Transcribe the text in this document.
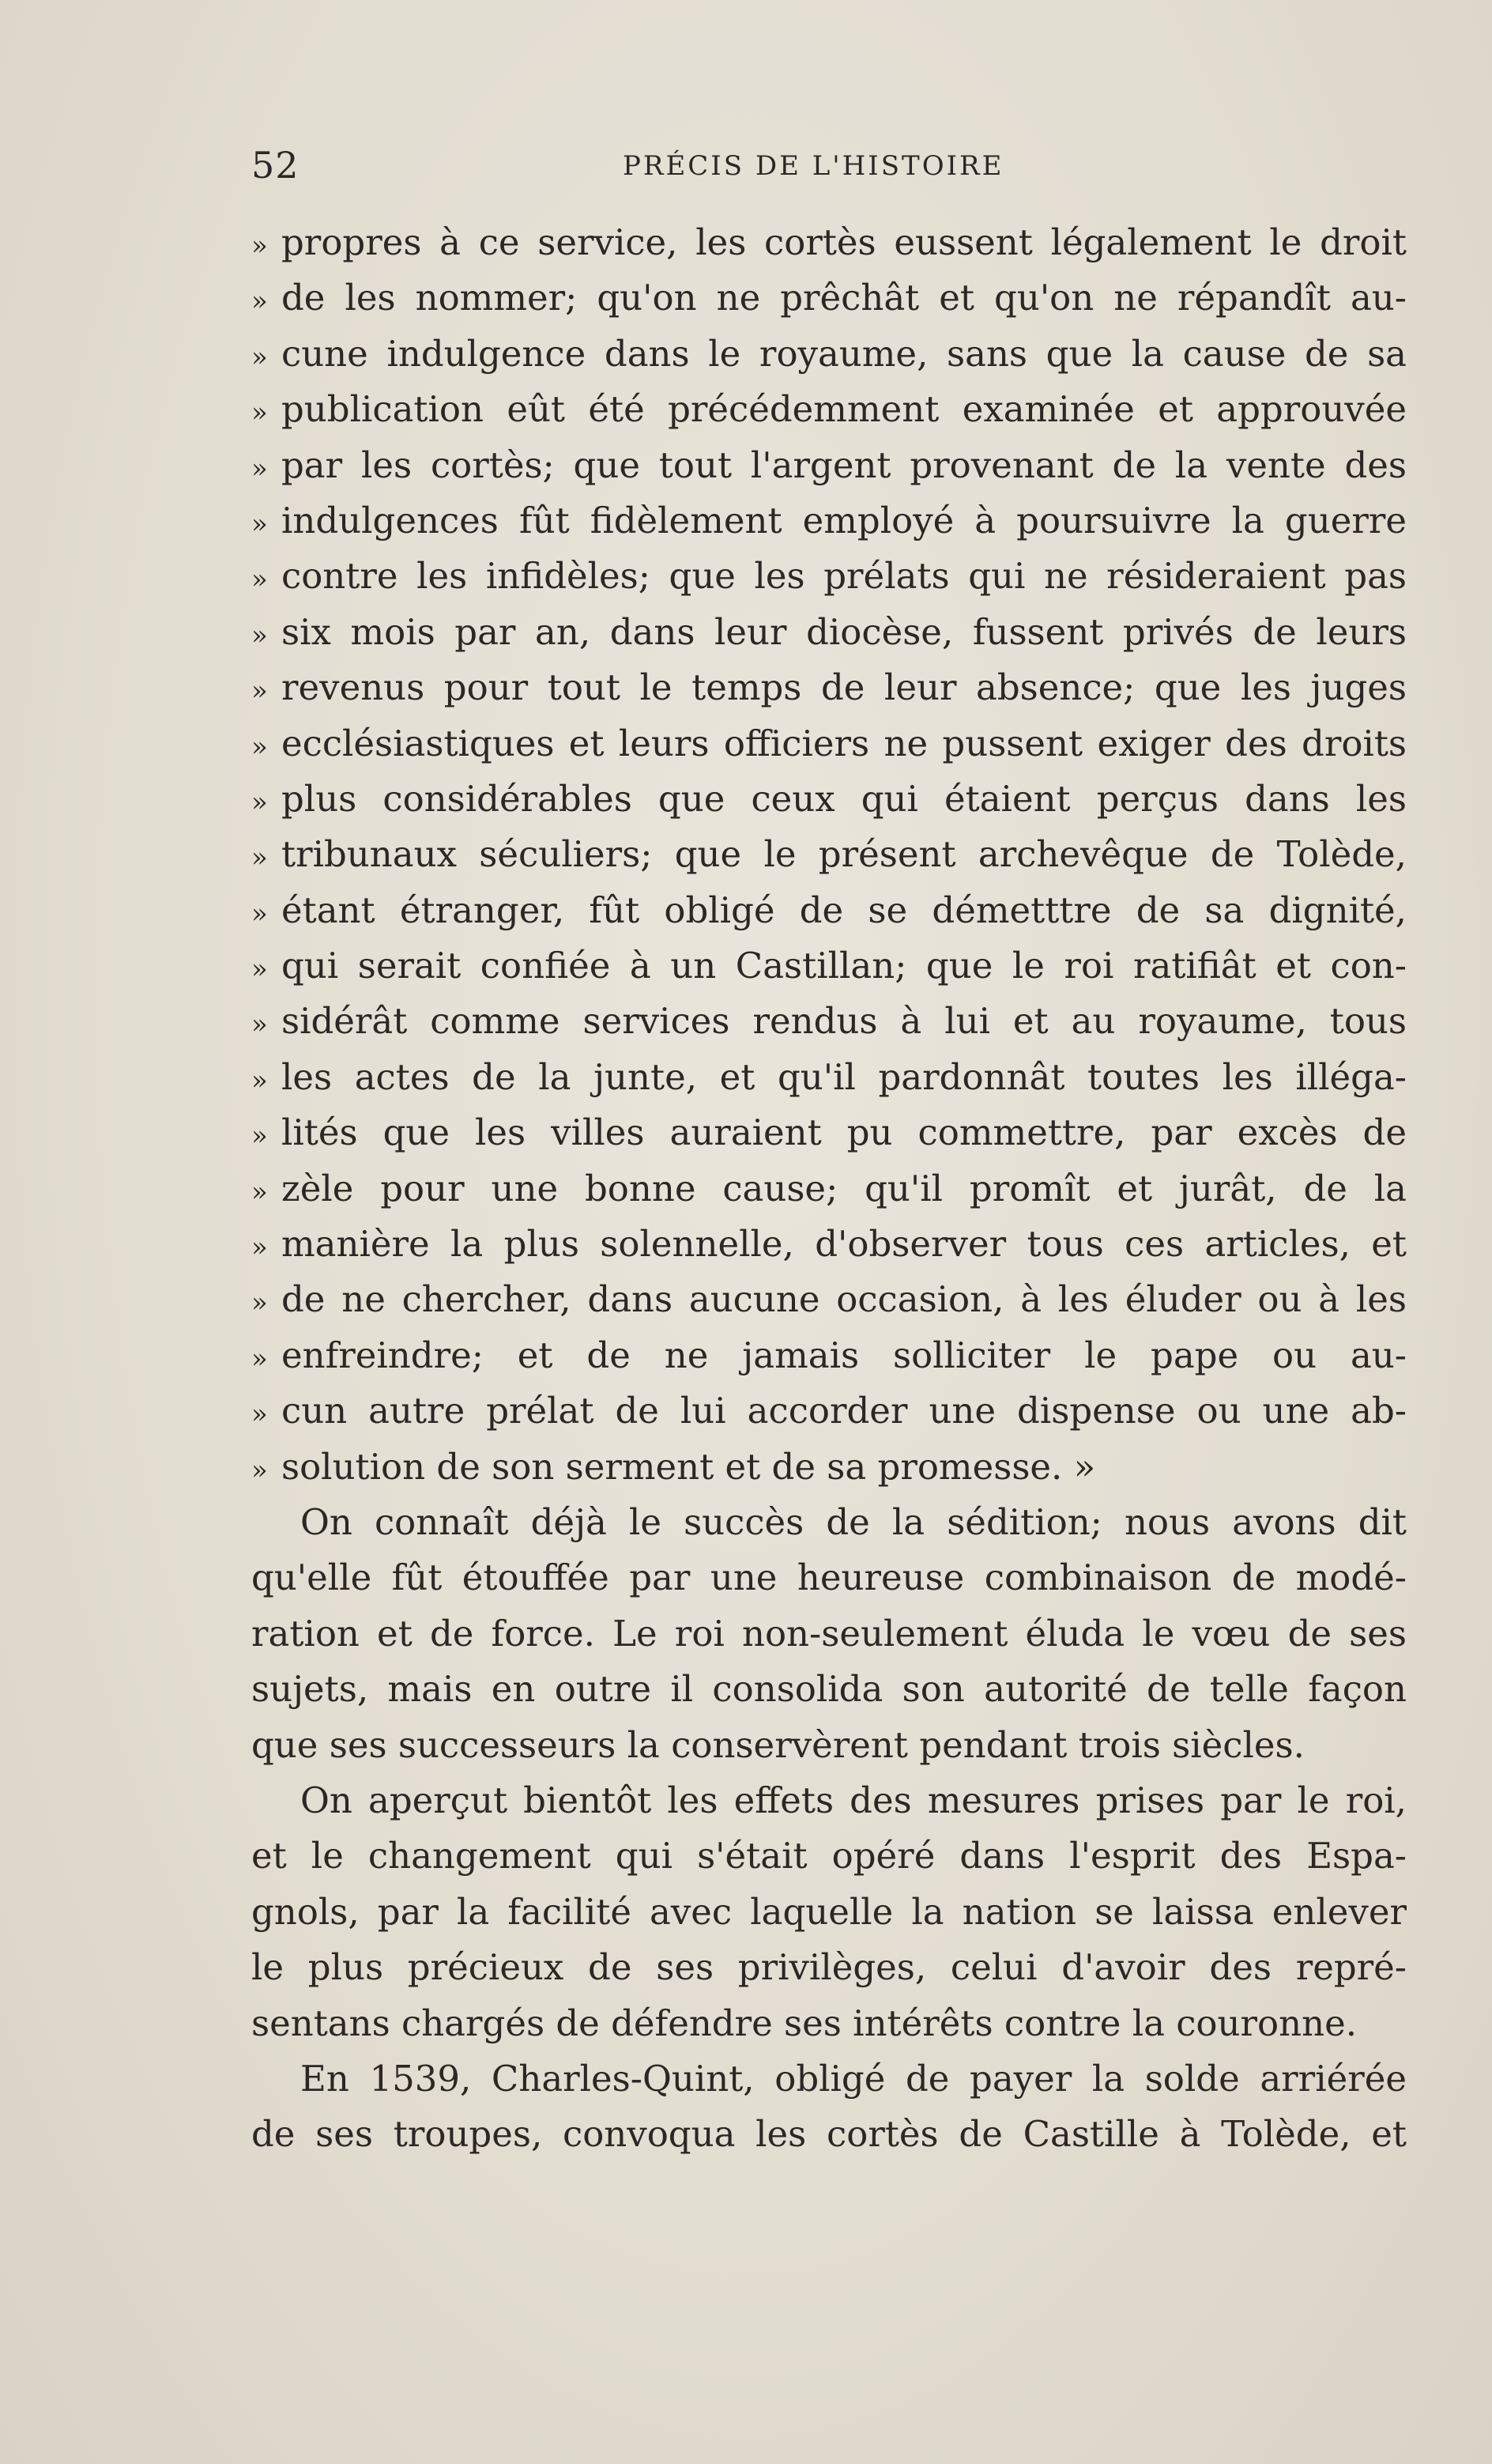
52	PRÉCIS DE L'HISTOIRE
» propres à ce service, les cortès eussent légalement le droit
» de les nommer; qu'on ne prêchât et qu'on ne répandît au-
» cune indulgence dans le royaume, sans que la cause de sa
» publication eût été précédemment examinée et approuvée
» par les cortès; que tout l'argent provenant de la vente des
» indulgences fût fidèlement employé à poursuivre la guerre
» contre les infidèles; que les prélats qui ne résideraient pas
» six mois par an, dans leur diocèse, fussent privés de leurs
» revenus pour tout le temps de leur absence; que les juges
» ecclésiastiques et leurs officiers ne pussent exiger des droits
» plus considérables que ceux qui étaient perçus dans les
» tribunaux séculiers; que le présent archevêque de Tolède,
» étant étranger, fût obligé de se démetttre de sa dignité,
» qui serait confiée à un Castillan; que le roi ratifiât et con-
» sidérât comme services rendus à lui et au royaume, tous
» les actes de la junte, et qu'il pardonnât toutes les illéga-
» lités que les villes auraient pu commettre, par excès de
» zèle pour une bonne cause; qu'il promît et jurât, de la
» manière la plus solennelle, d'observer tous ces articles, et
» de ne chercher, dans aucune occasion, à les éluder ou à les
» enfreindre; et de ne jamais solliciter le pape ou au-
» cun autre prélat de lui accorder une dispense ou une ab-
» solution de son serment et de sa promesse. »
On connaît déjà le succès de la sédition; nous avons dit
qu'elle fût étouffée par une heureuse combinaison de modé-
ration et de force. Le roi non-seulement éluda le vœu de ses
sujets, mais en outre il consolida son autorité de telle façon
que ses successeurs la conservèrent pendant trois siècles.
On aperçut bientôt les effets des mesures prises par le roi,
et le changement qui s'était opéré dans l'esprit des Espa-
gnols, par la facilité avec laquelle la nation se laissa enlever
le plus précieux de ses privilèges, celui d'avoir des repré-
sentans chargés de défendre ses intérêts contre la couronne.
En 1539, Charles-Quint, obligé de payer la solde arriérée
de ses troupes, convoqua les cortès de Castille à Tolède, et
